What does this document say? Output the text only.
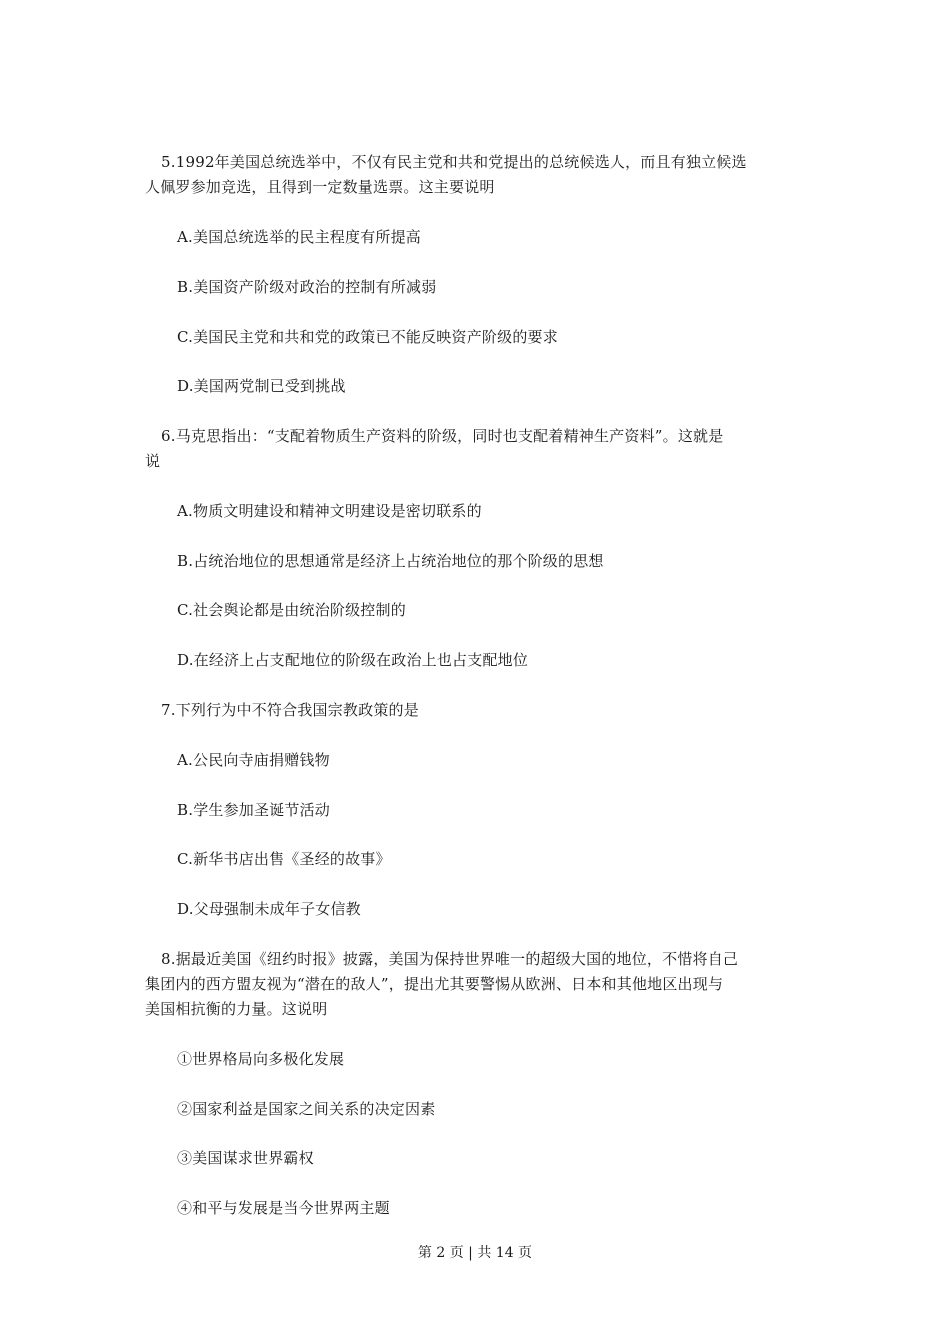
5.1992年美国总统选举中，不仅有民主党和共和党提出的总统候选人，而且有独立候选
人佩罗参加竞选，且得到一定数量选票。这主要说明
A.美国总统选举的民主程度有所提高
B.美国资产阶级对政治的控制有所减弱
C.美国民主党和共和党的政策已不能反映资产阶级的要求
D.美国两党制已受到挑战
6.马克思指出：“支配着物质生产资料的阶级，同时也支配着精神生产资料”。这就是
说
A.物质文明建设和精神文明建设是密切联系的
B.占统治地位的思想通常是经济上占统治地位的那个阶级的思想
C.社会舆论都是由统治阶级控制的
D.在经济上占支配地位的阶级在政治上也占支配地位
7.下列行为中不符合我国宗教政策的是
A.公民向寺庙捐赠钱物
B.学生参加圣诞节活动
C.新华书店出售《圣经的故事》
D.父母强制未成年子女信教
8.据最近美国《纽约时报》披露，美国为保持世界唯一的超级大国的地位，不惜将自己
集团内的西方盟友视为“潜在的敌人”，提出尤其要警惕从欧洲、日本和其他地区出现与
美国相抗衡的力量。这说明
①世界格局向多极化发展
②国家利益是国家之间关系的决定因素
③美国谋求世界霸权
④和平与发展是当今世界两主题
第 2 页 | 共 14 页
